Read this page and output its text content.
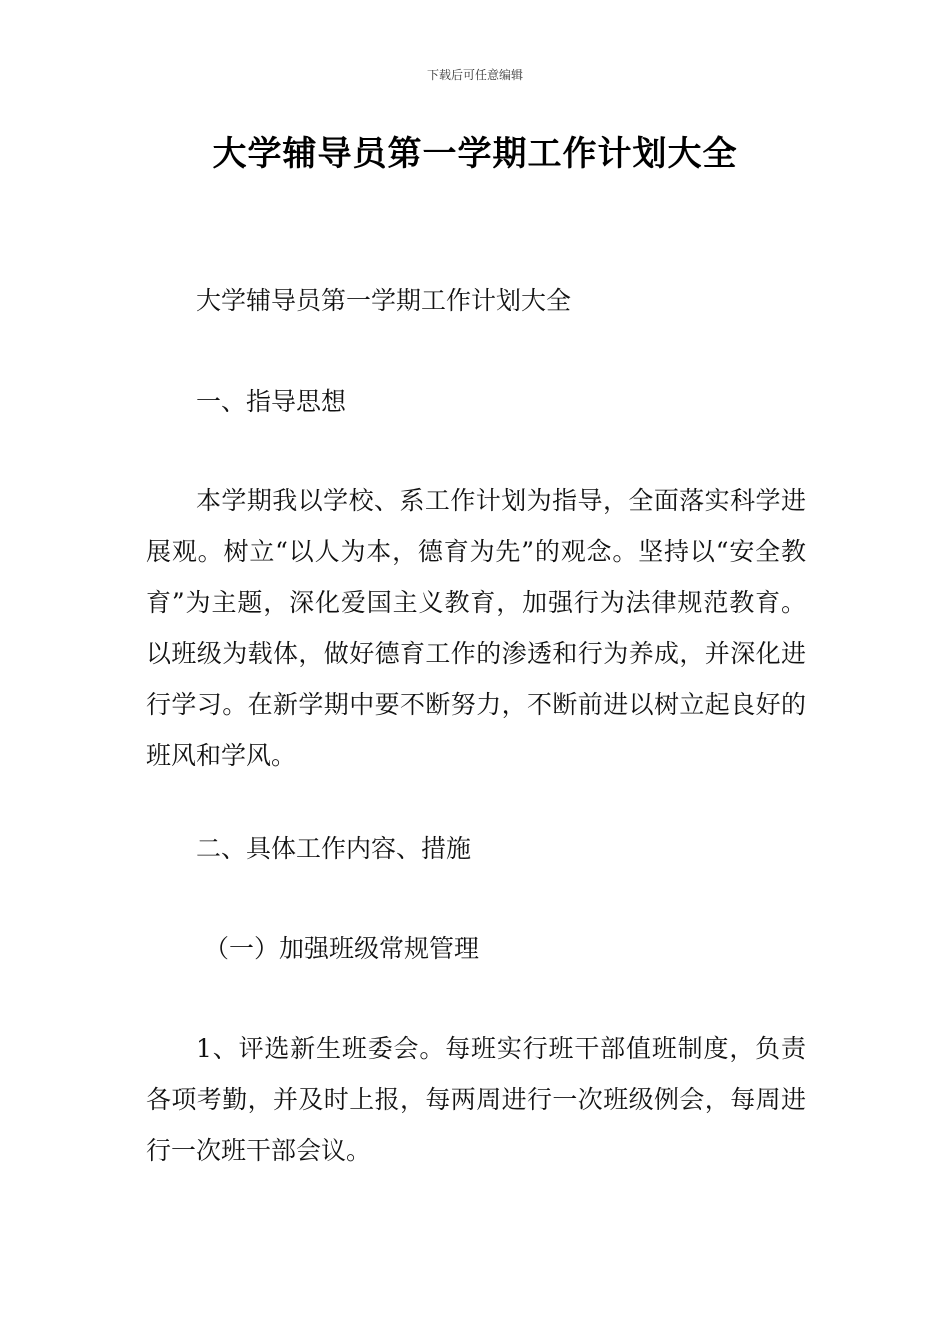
下载后可任意编辑
大学辅导员第一学期工作计划大全

大学辅导员第一学期工作计划大全

一、指导思想

本学期我以学校、系工作计划为指导，全面落实科学进展观。树立“以人为本，德育为先”的观念。坚持以“安全教育”为主题，深化爱国主义教育，加强行为法律规范教育。以班级为载体，做好德育工作的渗透和行为养成，并深化进行学习。在新学期中要不断努力，不断前进以树立起良好的班风和学风。

二、具体工作内容、措施

（一）加强班级常规管理

1、评选新生班委会。每班实行班干部值班制度，负责各项考勤，并及时上报，每两周进行一次班级例会，每周进行一次班干部会议。
